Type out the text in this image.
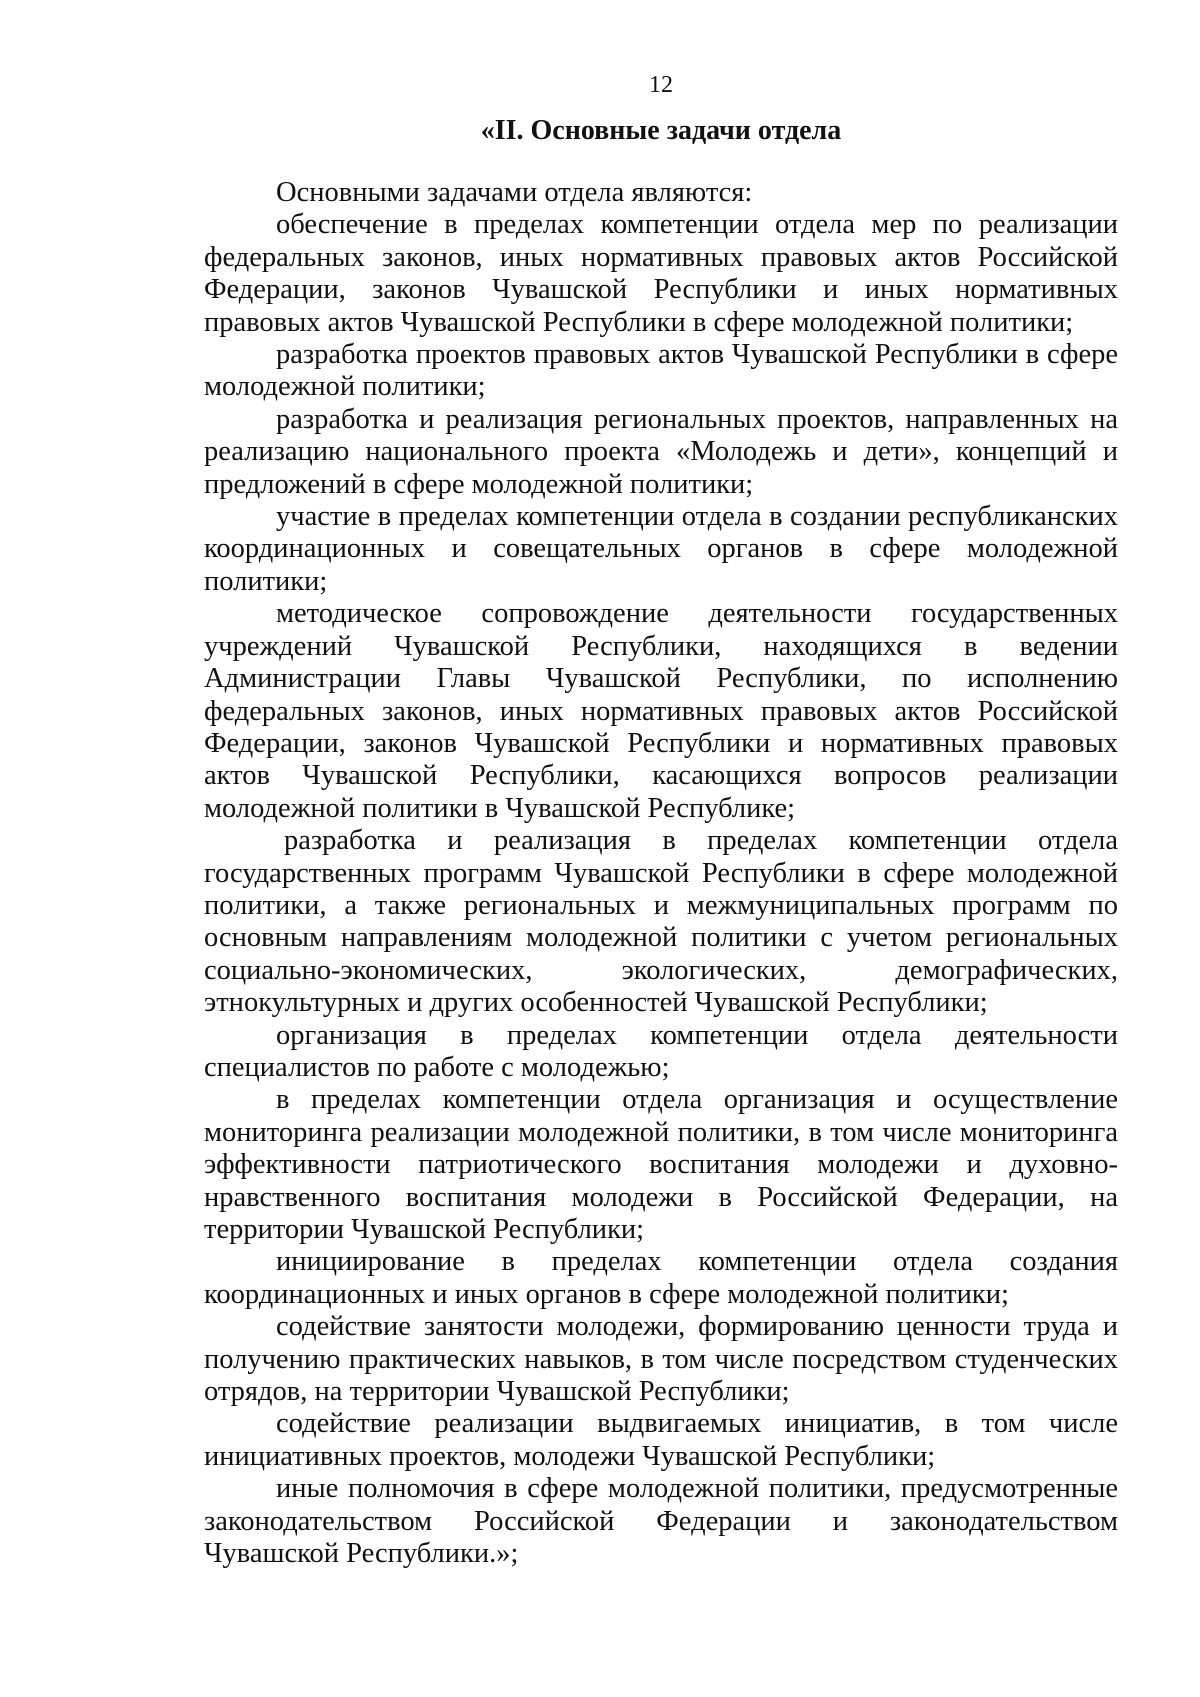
12
«II. Основные задачи отдела

Основными задачами отдела являются:

обеспечение в пределах компетенции отдела мер по реализации федеральных законов, иных нормативных правовых актов Российской Федерации, законов Чувашской Республики и иных нормативных правовых актов Чувашской Республики в сфере молодежной политики;

разработка проектов правовых актов Чувашской Республики в сфере молодежной политики;

разработка и реализация региональных проектов, направленных на реализацию национального проекта «Молодежь и дети», концепций и предложений в сфере молодежной политики;

участие в пределах компетенции отдела в создании республиканских координационных и совещательных органов в сфере молодежной политики;

методическое сопровождение деятельности государственных учреждений Чувашской Республики, находящихся в ведении Администрации Главы Чувашской Республики, по исполнению федеральных законов, иных нормативных правовых актов Российской Федерации, законов Чувашской Республики и нормативных правовых актов Чувашской Республики, касающихся вопросов реализации молодежной политики в Чувашской Республике;

разработка и реализация в пределах компетенции отдела государственных программ Чувашской Республики в сфере молодежной политики, а также региональных и межмуниципальных программ по основным направлениям молодежной политики с учетом региональных социально-экономических, экологических, демографических, этнокультурных и других особенностей Чувашской Республики;

организация в пределах компетенции отдела деятельности специалистов по работе с молодежью;

в пределах компетенции отдела организация и осуществление мониторинга реализации молодежной политики, в том числе мониторинга эффективности патриотического воспитания молодежи и духовно-нравственного воспитания молодежи в Российской Федерации, на территории Чувашской Республики;

инициирование в пределах компетенции отдела создания координационных и иных органов в сфере молодежной политики;

содействие занятости молодежи, формированию ценности труда и получению практических навыков, в том числе посредством студенческих отрядов, на территории Чувашской Республики;

содействие реализации выдвигаемых инициатив, в том числе инициативных проектов, молодежи Чувашской Республики;

иные полномочия в сфере молодежной политики, предусмотренные законодательством Российской Федерации и законодательством Чувашской Республики.»;
